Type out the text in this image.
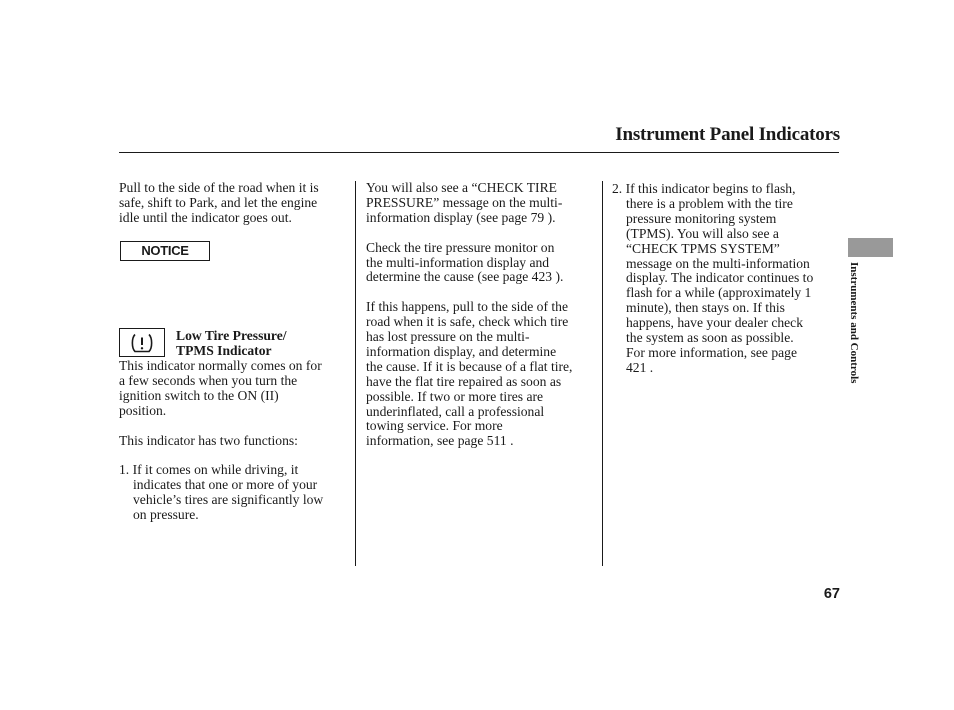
Instrument Panel Indicators

Pull to the side of the road when it is
safe, shift to Park, and let the engine
idle until the indicator goes out.

NOTICE
Low Tire Pressure/
TPMS Indicator

This indicator normally comes on for
a few seconds when you turn the
ignition switch to the ON (II)
position.

This indicator has two functions:

1. If it comes on while driving, it
indicates that one or more of your
vehicle’s tires are significantly low
on pressure.

You will also see a “CHECK TIRE
PRESSURE” message on the multi-
information display (see page 79 ).

Check the tire pressure monitor on
the multi-information display and
determine the cause (see page 423 ).

If this happens, pull to the side of the
road when it is safe, check which tire
has lost pressure on the multi-
information display, and determine
the cause. If it is because of a flat tire,
have the flat tire repaired as soon as
possible. If two or more tires are
underinflated, call a professional
towing service. For more
information, see page 511 .

2. If this indicator begins to flash,
there is a problem with the tire
pressure monitoring system
(TPMS). You will also see a
“CHECK TPMS SYSTEM”
message on the multi-information
display. The indicator continues to
flash for a while (approximately 1
minute), then stays on. If this
happens, have your dealer check
the system as soon as possible.
For more information, see page
421 .	Instruments and Controls
67
